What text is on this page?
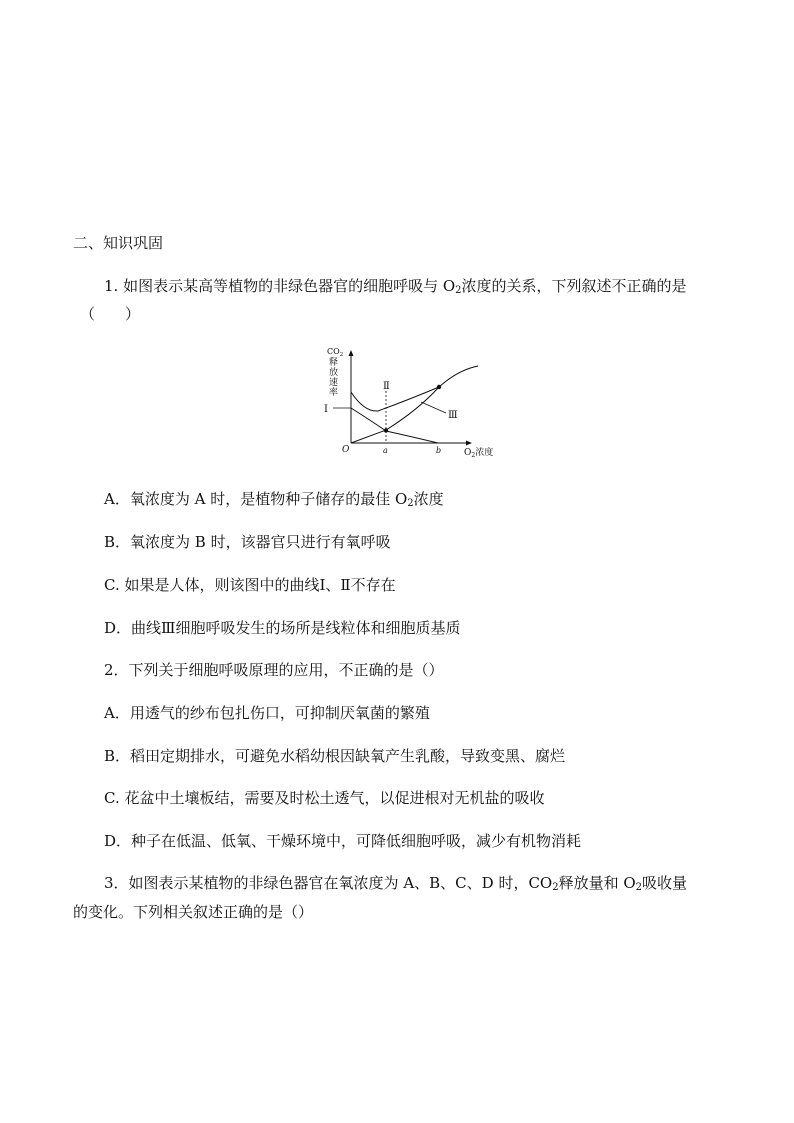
二、知识巩固
1. 如图表示某高等植物的非绿色器官的细胞呼吸与 $O_2$浓度的关系，下列叙述不正确的是
（　　）
$CO_2$
释
放
速
率
$O_2$浓度
O	a	b
Ⅰ
Ⅱ
Ⅲ
A．氧浓度为 A 时，是植物种子储存的最佳 $O_2$浓度
B．氧浓度为 B 时，该器官只进行有氧呼吸
C. 如果是人体，则该图中的曲线Ⅰ、Ⅱ不存在
D．曲线Ⅲ细胞呼吸发生的场所是线粒体和细胞质基质
2．下列关于细胞呼吸原理的应用，不正确的是（）
A．用透气的纱布包扎伤口，可抑制厌氧菌的繁殖
B．稻田定期排水，可避免水稻幼根因缺氧产生乳酸，导致变黑、腐烂
C. 花盆中土壤板结，需要及时松土透气，以促进根对无机盐的吸收
D．种子在低温、低氧、干燥环境中，可降低细胞呼吸，减少有机物消耗
3．如图表示某植物的非绿色器官在氧浓度为 A、B、C、D 时，$CO_2$释放量和 $O_2$吸收量
的变化。下列相关叙述正确的是（）
